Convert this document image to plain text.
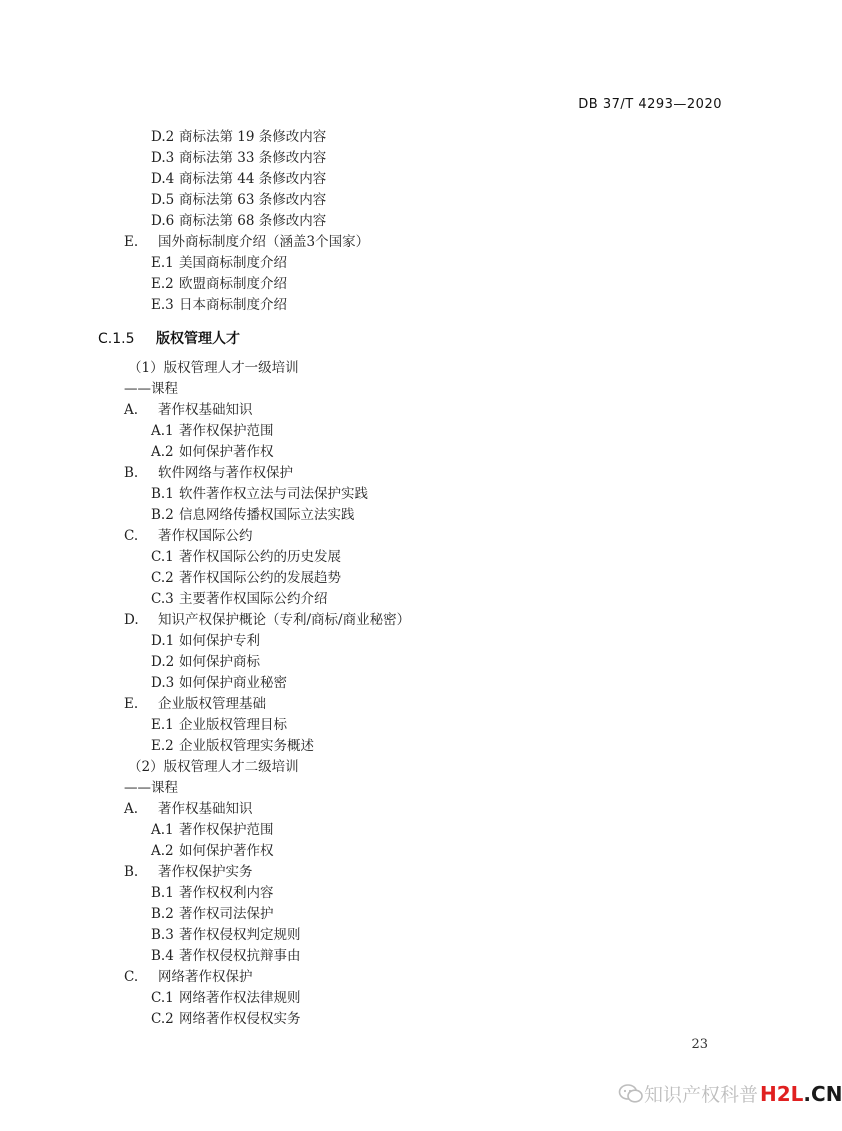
DB 37/T 4293—2020
D.2 商标法第 19 条修改内容
D.3 商标法第 33 条修改内容
D.4 商标法第 44 条修改内容
D.5 商标法第 63 条修改内容
D.6 商标法第 68 条修改内容
E. 国外商标制度介绍（涵盖3个国家）
E.1 美国商标制度介绍
E.2 欧盟商标制度介绍
E.3 日本商标制度介绍
（1）版权管理人才一级培训
——课程
A. 著作权基础知识
A.1 著作权保护范围
A.2 如何保护著作权
B. 软件网络与著作权保护
B.1 软件著作权立法与司法保护实践
B.2 信息网络传播权国际立法实践
C. 著作权国际公约
C.1 著作权国际公约的历史发展
C.2 著作权国际公约的发展趋势
C.3 主要著作权国际公约介绍
D. 知识产权保护概论（专利/商标/商业秘密）
D.1 如何保护专利
D.2 如何保护商标
D.3 如何保护商业秘密
E. 企业版权管理基础
E.1 企业版权管理目标
E.2 企业版权管理实务概述
（2）版权管理人才二级培训
——课程
A. 著作权基础知识
A.1 著作权保护范围
A.2 如何保护著作权
B. 著作权保护实务
B.1 著作权权利内容
B.2 著作权司法保护
B.3 著作权侵权判定规则
B.4 著作权侵权抗辩事由
C. 网络著作权保护
C.1 网络著作权法律规则
C.2 网络著作权侵权实务
C.1.5 版权管理人才
23
知识产权科普 H2L.CN
